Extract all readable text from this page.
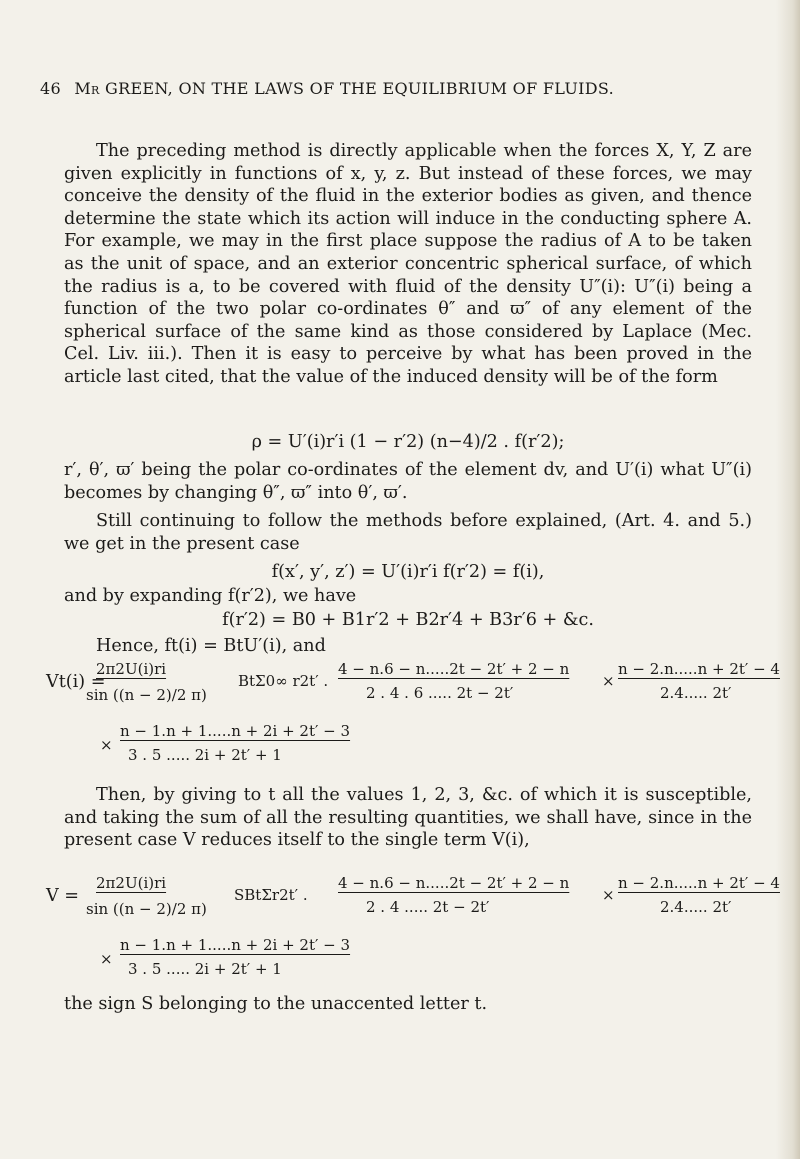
46 Mr GREEN, ON THE LAWS OF THE EQUILIBRIUM OF FLUIDS.

The preceding method is directly applicable when the forces X, Y, Z are given explicitly in functions of x, y, z. But instead of these forces, we may conceive the density of the fluid in the exterior bodies as given, and thence determine the state which its action will induce in the conducting sphere A. For example, we may in the first place suppose the radius of A to be taken as the unit of space, and an exterior concentric spherical surface, of which the radius is a, to be covered with fluid of the density U″(i): U″(i) being a function of the two polar co-ordinates θ″ and ϖ″ of any element of the spherical surface of the same kind as those considered by Laplace (Mec. Cel. Liv. iii.). Then it is easy to perceive by what has been proved in the article last cited, that the value of the induced density will be of the form

ρ = U′(i)r′i (1 − r′2) (n−4)/2 . f(r′2);

r′, θ′, ϖ′ being the polar co-ordinates of the element dv, and U′(i) what U″(i) becomes by changing θ″, ϖ″ into θ′, ϖ′.

Still continuing to follow the methods before explained, (Art. 4. and 5.) we get in the present case

f(x′, y′, z′) = U′(i)r′i f(r′2) = f(i),
and by expanding f(r′2), we have
f(r′2) = B0 + B1r′2 + B2r′4 + B3r′6 + &c.
Hence, ft(i) = BtU′(i), and
Vt(i) =
2π2U(i)ri
sin ((n − 2)/2 π)
BtΣ0∞ r2t′ .
4 − n.6 − n.....2t − 2t′ + 2 − n
2 . 4 . 6 ..... 2t − 2t′
×
n − 2.n.....n + 2t′ − 4
2.4..... 2t′
×
n − 1.n + 1.....n + 2i + 2t′ − 3
3 . 5 ..... 2i + 2t′ + 1

Then, by giving to t all the values 1, 2, 3, &c. of which it is susceptible, and taking the sum of all the resulting quantities, we shall have, since in the present case V reduces itself to the single term V(i),

V =
2π2U(i)ri
sin ((n − 2)/2 π)
SBtΣr2t′ .
4 − n.6 − n.....2t − 2t′ + 2 − n
2 . 4 ..... 2t − 2t′
×
n − 2.n.....n + 2t′ − 4
2.4..... 2t′
×
n − 1.n + 1.....n + 2i + 2t′ − 3
3 . 5 ..... 2i + 2t′ + 1
the sign S belonging to the unaccented letter t.
